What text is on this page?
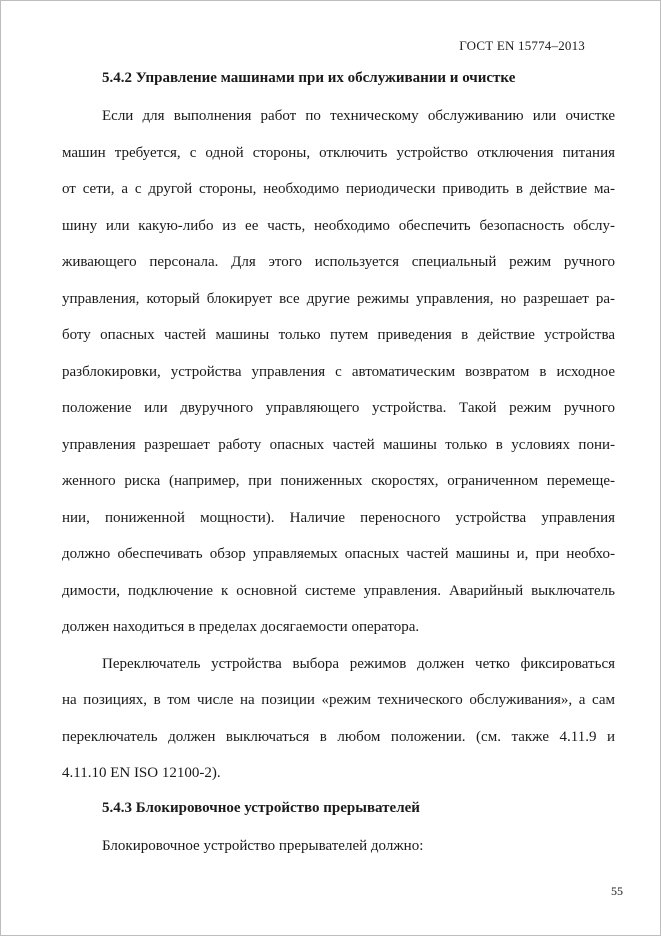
ГОСТ EN 15774–2013
5.4.2 Управление машинами при их обслуживании и очистке
Если для выполнения работ по техническому обслуживанию или очистке
машин требуется, с одной стороны, отключить устройство отключения питания
от сети, а с другой стороны, необходимо периодически приводить в действие ма-
шину или какую-либо из ее часть, необходимо обеспечить безопасность обслу-
живающего персонала. Для этого используется специальный режим ручного
управления, который блокирует все другие режимы управления, но разрешает ра-
боту опасных частей машины только путем приведения в действие устройства
разблокировки, устройства управления с автоматическим возвратом в исходное
положение или двуручного управляющего устройства. Такой режим ручного
управления разрешает работу опасных частей машины только в условиях пони-
женного риска (например, при пониженных скоростях, ограниченном перемеще-
нии, пониженной мощности). Наличие переносного устройства управления
должно обеспечивать обзор управляемых опасных частей машины и, при необхо-
димости, подключение к основной системе управления. Аварийный выключатель
должен находиться в пределах досягаемости оператора.
Переключатель устройства выбора режимов должен четко фиксироваться
на позициях, в том числе на позиции «режим технического обслуживания», а сам
переключатель должен выключаться в любом положении. (см. также 4.11.9 и
4.11.10 EN ISO 12100-2).
5.4.3 Блокировочное устройство прерывателей
Блокировочное устройство прерывателей должно:
55
